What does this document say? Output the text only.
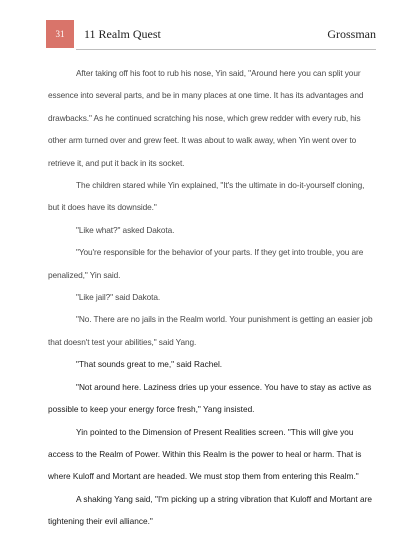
31	11 Realm Quest	Grossman

After taking off his foot to rub his nose, Yin said, "Around here you can split your essence into several parts, and be in many places at one time. It has its advantages and drawbacks." As he continued scratching his nose, which grew redder with every rub, his other arm turned over and grew feet. It was about to walk away, when Yin went over to retrieve it, and put it back in its socket.

The children stared while Yin explained, "It's the ultimate in do-it-yourself cloning, but it does have its downside."

"Like what?" asked Dakota.

"You're responsible for the behavior of your parts. If they get into trouble, you are penalized," Yin said.

"Like jail?" said Dakota.

"No. There are no jails in the Realm world. Your punishment is getting an easier job that doesn't test your abilities," said Yang.

"That sounds great to me," said Rachel.

"Not around here. Laziness dries up your essence. You have to stay as active as possible to keep your energy force fresh," Yang insisted.

Yin pointed to the Dimension of Present Realities screen. "This will give you access to the Realm of Power. Within this Realm is the power to heal or harm. That is where Kuloff and Mortant are headed. We must stop them from entering this Realm."

A shaking Yang said, "I'm picking up a string vibration that Kuloff and Mortant are tightening their evil alliance."
